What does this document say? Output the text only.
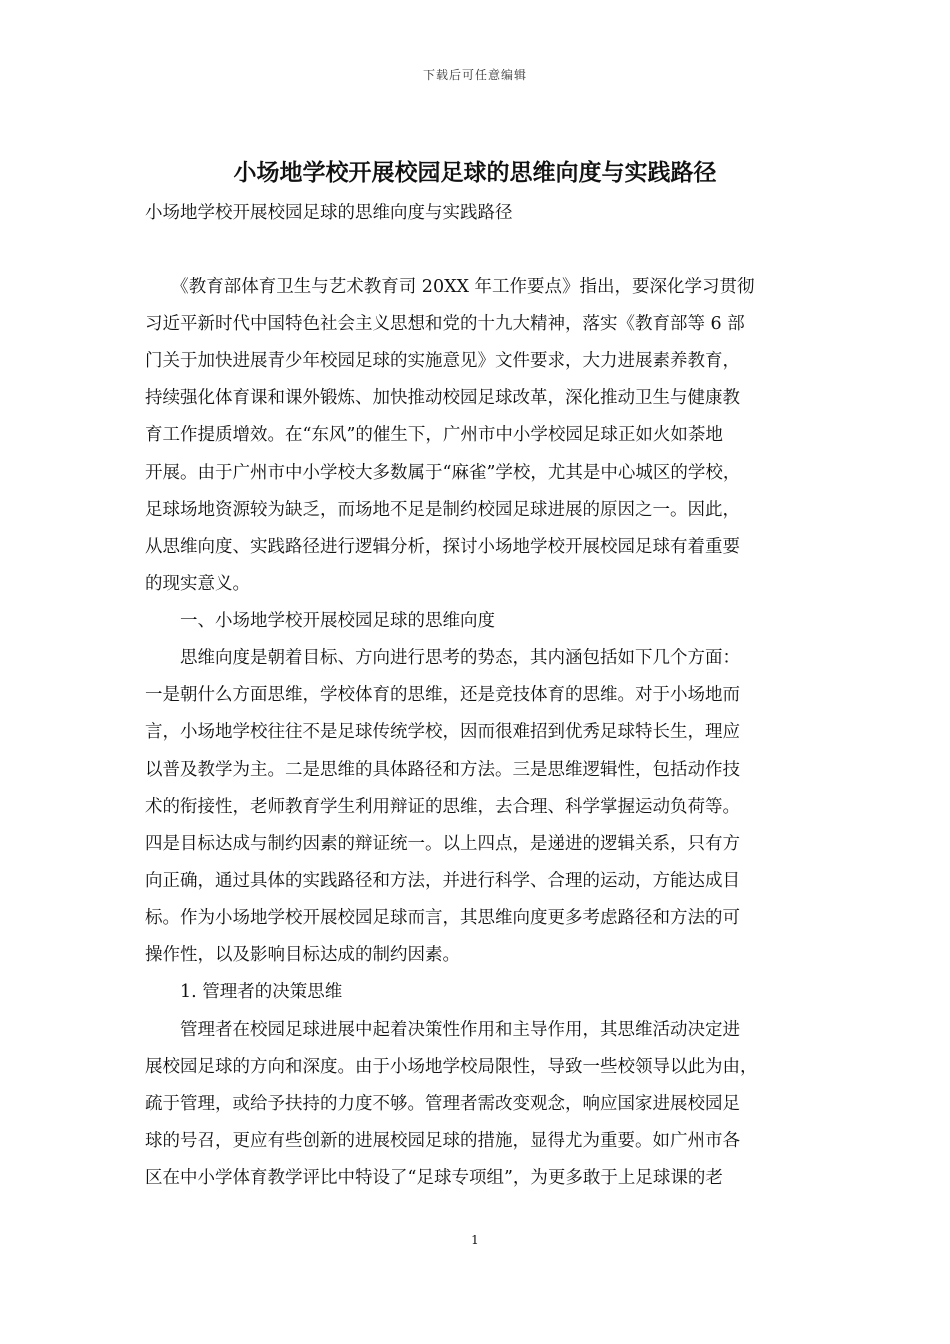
下载后可任意编辑
小场地学校开展校园足球的思维向度与实践路径
小场地学校开展校园足球的思维向度与实践路径
　　《教育部体育卫生与艺术教育司 20XX 年工作要点》指出，要深化学习贯彻
习近平新时代中国特色社会主义思想和党的十九大精神，落实《教育部等 6 部
门关于加快进展青少年校园足球的实施意见》文件要求，大力进展素养教育，
持续强化体育课和课外锻炼、加快推动校园足球改革，深化推动卫生与健康教
育工作提质增效。在“东风”的催生下，广州市中小学校园足球正如火如荼地
开展。由于广州市中小学校大多数属于“麻雀”学校，尤其是中心城区的学校，
足球场地资源较为缺乏，而场地不足是制约校园足球进展的原因之一。因此，
从思维向度、实践路径进行逻辑分析，探讨小场地学校开展校园足球有着重要
的现实意义。
　　一、小场地学校开展校园足球的思维向度
　　思维向度是朝着目标、方向进行思考的势态，其内涵包括如下几个方面：
一是朝什么方面思维，学校体育的思维，还是竞技体育的思维。对于小场地而
言，小场地学校往往不是足球传统学校，因而很难招到优秀足球特长生，理应
以普及教学为主。二是思维的具体路径和方法。三是思维逻辑性，包括动作技
术的衔接性，老师教育学生利用辩证的思维，去合理、科学掌握运动负荷等。
四是目标达成与制约因素的辩证统一。以上四点，是递进的逻辑关系，只有方
向正确，通过具体的实践路径和方法，并进行科学、合理的运动，方能达成目
标。作为小场地学校开展校园足球而言，其思维向度更多考虑路径和方法的可
操作性，以及影响目标达成的制约因素。
　　1. 管理者的决策思维
　　管理者在校园足球进展中起着决策性作用和主导作用，其思维活动决定进
展校园足球的方向和深度。由于小场地学校局限性，导致一些校领导以此为由，
疏于管理，或给予扶持的力度不够。管理者需改变观念，响应国家进展校园足
球的号召，更应有些创新的进展校园足球的措施，显得尤为重要。如广州市各
区在中小学体育教学评比中特设了“足球专项组”，为更多敢于上足球课的老
1
